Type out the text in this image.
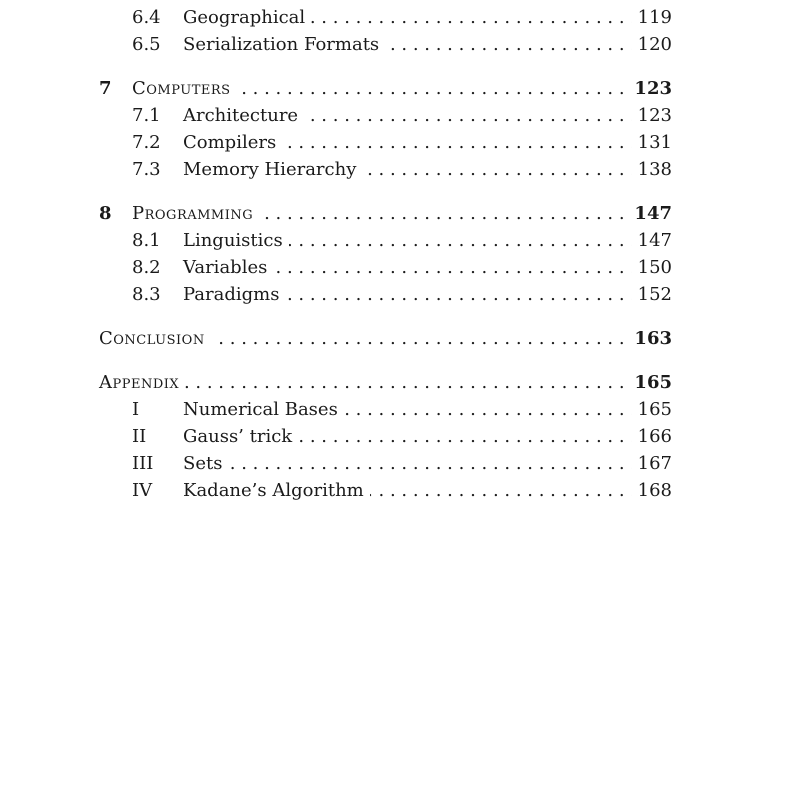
. . .
6.4 Geographical	119
. . .
6.5 Serialization Formats	120
. . .
7 Computers	123
. . .
7.1 Architecture	123
. . .
7.2 Compilers	131
. . .
7.3 Memory Hierarchy	138
. . .
8 Programming	147
. . .
8.1 Linguistics	147
. . .
8.2 Variables	150
. . .
8.3 Paradigms	152
. . .
Conclusion	163
. . .
Appendix	165
. . .
I Numerical Bases	165
. . .
II Gauss’ trick	166
. . .
III Sets	167
. . .
IV Kadane’s Algorithm	168
